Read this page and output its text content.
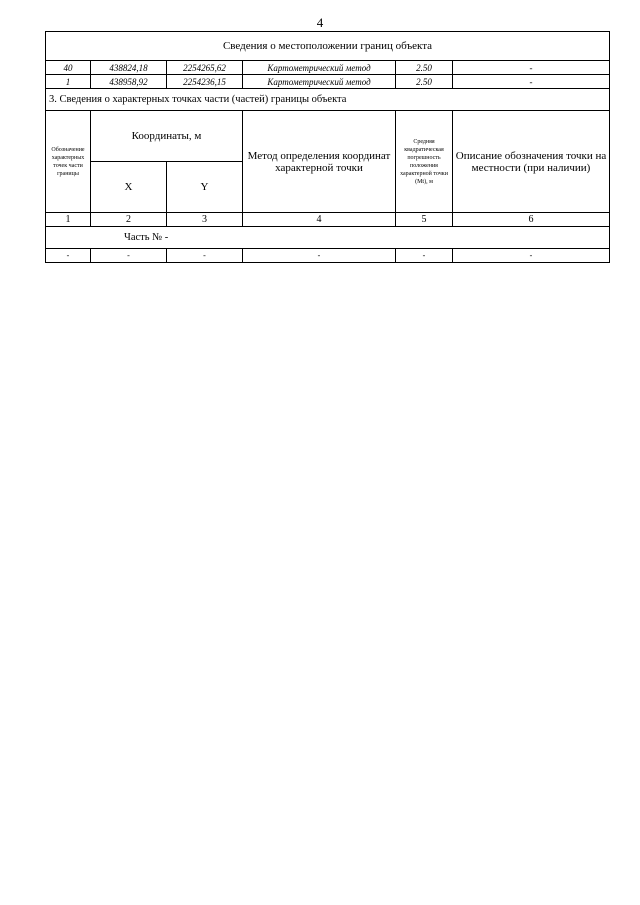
4
Сведения о местоположении границ объекта					
40	438824,18	2254265,62	Картометрический метод	2.50	-
1	438958,92	2254236,15	Картометрический метод	2.50	-
3. Сведения о характерных точках части (частей) границы объекта					
Обозначение характерных точек части границы	Координаты, м		Метод определения координат характерной точки	Средняя квадратическая погрешность положения характерной точки (Мt), м	Описание обозначения точки на местности (при наличии)
	X	Y			
1	2	3	4	5	6
Часть № -					
-	-	-	-	-	-
